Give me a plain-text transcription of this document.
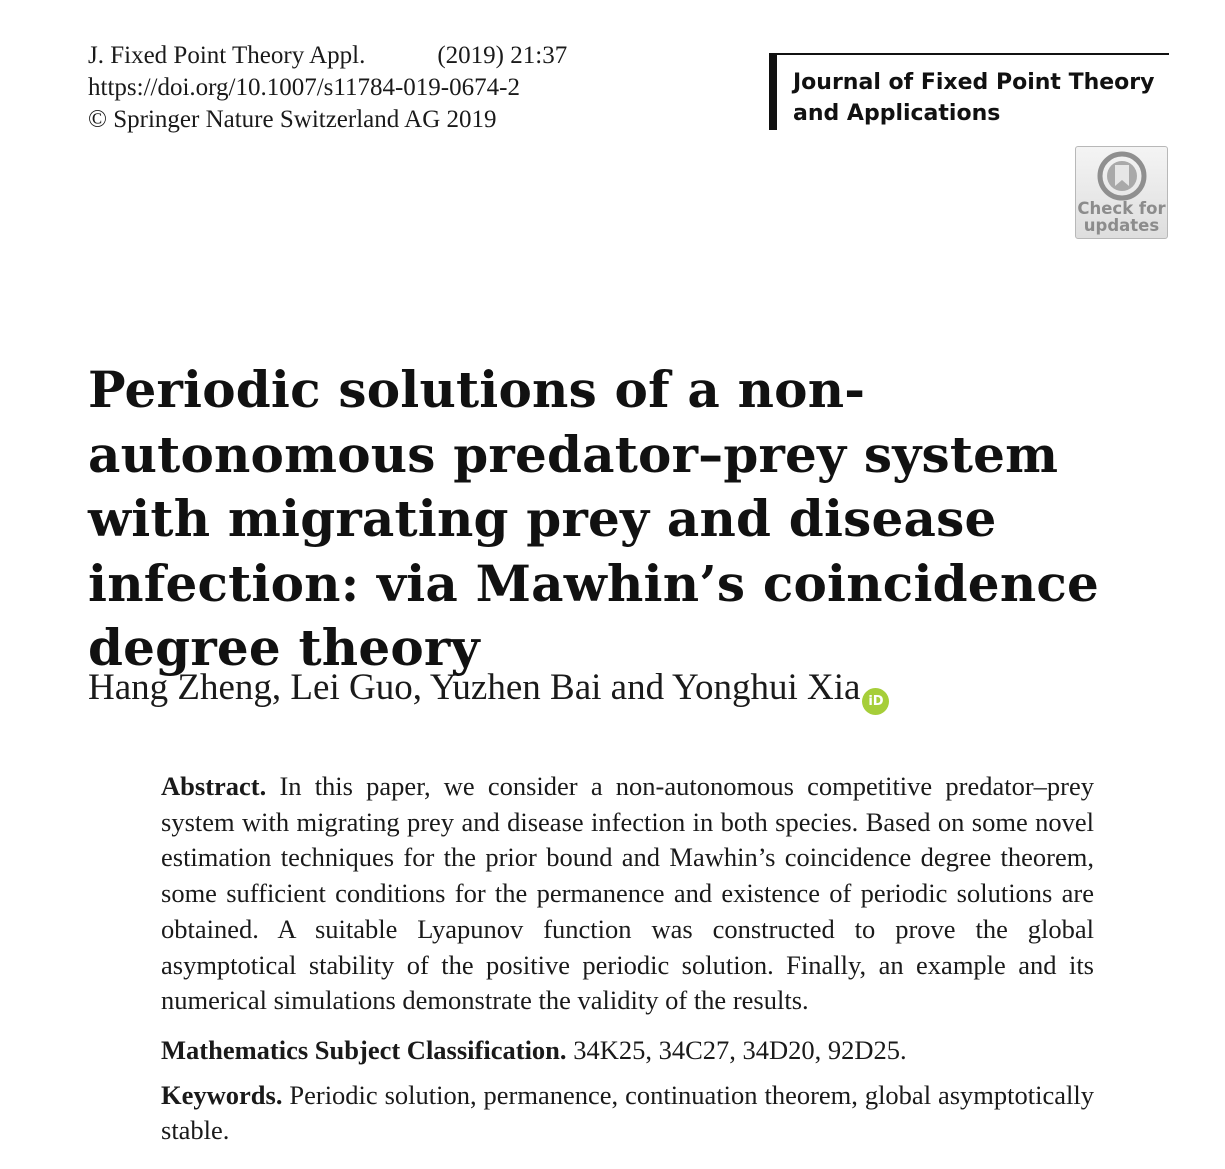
J. Fixed Point Theory Appl.	(2019) 21:37
https://doi.org/10.1007/s11784-019-0674-2
© Springer Nature Switzerland AG 2019
Journal of Fixed Point Theory
and Applications
Check for
updates
Periodic solutions of a non-autonomous predator–prey system with migrating prey and disease infection: via Mawhin’s coincidence degree theory
Hang Zheng, Lei Guo, Yuzhen Bai and Yonghui Xia iD

Abstract. In this paper, we consider a non-autonomous competitive predator–prey system with migrating prey and disease infection in both species. Based on some novel estimation techniques for the prior bound and Mawhin’s coincidence degree theorem, some sufficient conditions for the permanence and existence of periodic solutions are obtained. A suitable Lyapunov function was constructed to prove the global asymptotical stability of the positive periodic solution. Finally, an example and its numerical simulations demonstrate the validity of the results.

Mathematics Subject Classification. 34K25, 34C27, 34D20, 92D25.

Keywords. Periodic solution, permanence, continuation theorem, global asymptotically stable.
